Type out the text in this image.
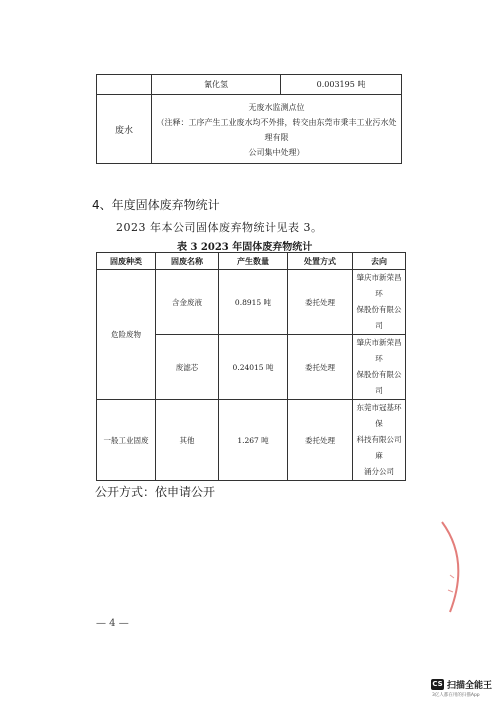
	氰化氢	0.003195 吨
废水	无废水监测点位
（注释：工序产生工业废水均不外排，转交由东莞市秉丰工业污水处理有限
公司集中处理）	
4、年度固体废弃物统计
2023 年本公司固体废弃物统计见表 3。
表 3 2023 年固体废弃物统计
固废种类	固废名称	产生数量	处置方式	去向
危险废物	含金废液	0.8915 吨	委托处理	肇庆市新荣昌环
保股份有限公司

	废滤芯	0.24015 吨	委托处理	肇庆市新荣昌环
保股份有限公司

一般工业固废	其他	1.267 吨	委托处理	东莞市冠基环保
科技有限公司麻
涌分公司
公开方式：依申请公开
— 4 —
CS 扫描全能王
3亿人都在用的扫描App
